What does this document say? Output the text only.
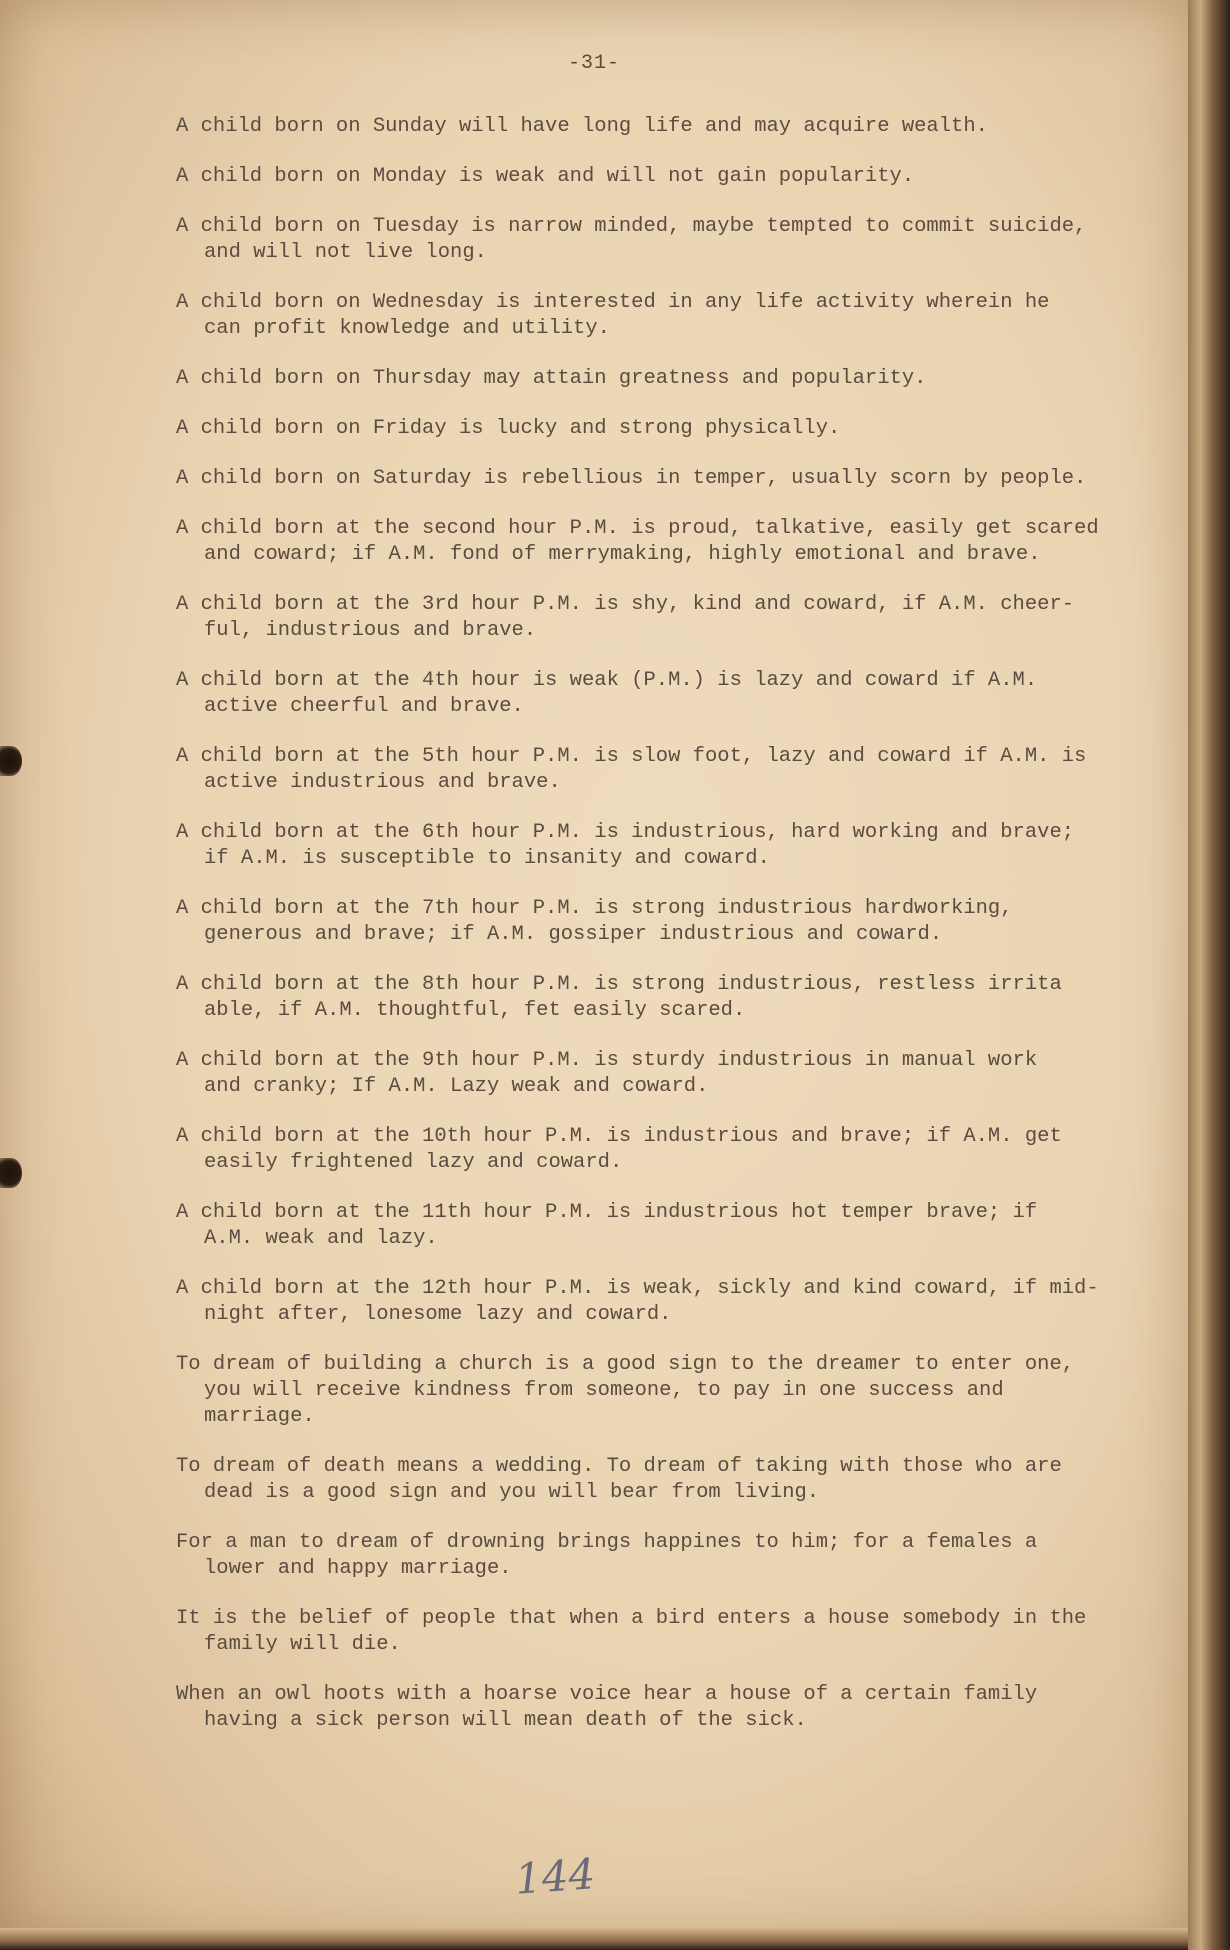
-31-
A child born on Sunday will have long life and may acquire wealth.
A child born on Monday is weak and will not gain popularity.
A child born on Tuesday is narrow minded, maybe tempted to commit suicide,
and will not live long.
A child born on Wednesday is interested in any life activity wherein he
can profit knowledge and utility.
A child born on Thursday may attain greatness and popularity.
A child born on Friday is lucky and strong physically.
A child born on Saturday is rebellious in temper, usually scorn by people.
A child born at the second hour P.M. is proud, talkative, easily get scared
and coward; if A.M. fond of merrymaking, highly emotional and brave.
A child born at the 3rd hour P.M. is shy, kind and coward, if A.M. cheer-
ful, industrious and brave.
A child born at the 4th hour is weak (P.M.) is lazy and coward if A.M.
active cheerful and brave.
A child born at the 5th hour P.M. is slow foot, lazy and coward if A.M. is
active industrious and brave.
A child born at the 6th hour P.M. is industrious, hard working and brave;
if A.M. is susceptible to insanity and coward.
A child born at the 7th hour P.M. is strong industrious hardworking,
generous and brave; if A.M. gossiper industrious and coward.
A child born at the 8th hour P.M. is strong industrious, restless irrita
able, if A.M. thoughtful, fet easily scared.
A child born at the 9th hour P.M. is sturdy industrious in manual work
and cranky; If A.M. Lazy weak and coward.
A child born at the 10th hour P.M. is industrious and brave; if A.M. get
easily frightened lazy and coward.
A child born at the 11th hour P.M. is industrious hot temper brave; if
A.M. weak and lazy.
A child born at the 12th hour P.M. is weak, sickly and kind coward, if mid-
night after, lonesome lazy and coward.
To dream of building a church is a good sign to the dreamer to enter one,
you will receive kindness from someone, to pay in one success and
marriage.
To dream of death means a wedding. To dream of taking with those who are
dead is a good sign and you will bear from living.
For a man to dream of drowning brings happines to him; for a females a
lower and happy marriage.
It is the belief of people that when a bird enters a house somebody in the
family will die.
When an owl hoots with a hoarse voice hear a house of a certain family
having a sick person will mean death of the sick.
144
